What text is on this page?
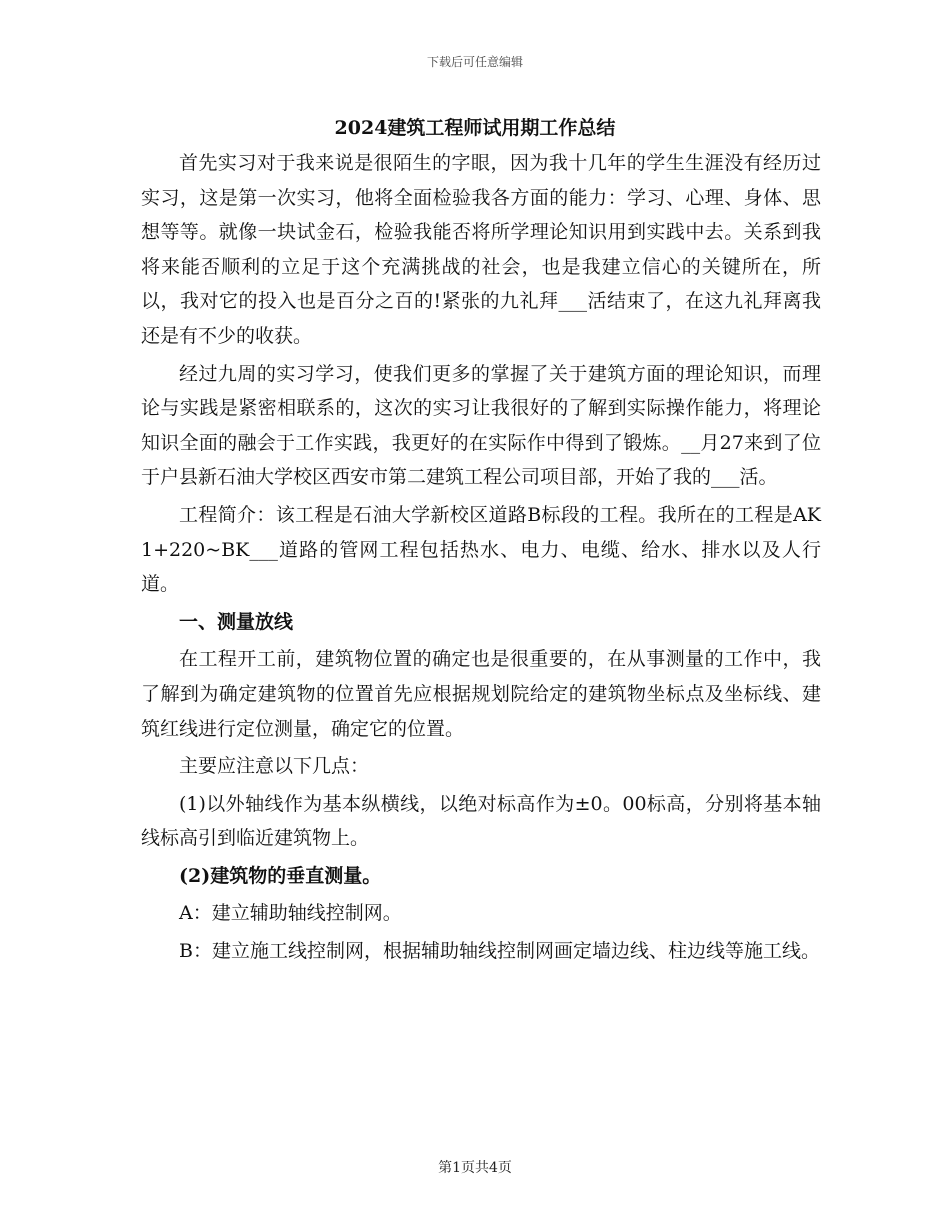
下载后可任意编辑
2024建筑工程师试用期工作总结

首先实习对于我来说是很陌生的字眼，因为我十几年的学生生涯没有经历过实习，这是第一次实习，他将全面检验我各方面的能力：学习、心理、身体、思想等等。就像一块试金石，检验我能否将所学理论知识用到实践中去。关系到我将来能否顺利的立足于这个充满挑战的社会，也是我建立信心的关键所在，所以，我对它的投入也是百分之百的!紧张的九礼拜___活结束了，在这九礼拜离我还是有不少的收获。

经过九周的实习学习，使我们更多的掌握了关于建筑方面的理论知识，而理论与实践是紧密相联系的，这次的实习让我很好的了解到实际操作能力，将理论知识全面的融会于工作实践，我更好的在实际作中得到了锻炼。__月27来到了位于户县新石油大学校区西安市第二建筑工程公司项目部，开始了我的___活。

工程简介：该工程是石油大学新校区道路B标段的工程。我所在的工程是AK1+220~BK___道路的管网工程包括热水、电力、电缆、给水、排水以及人行道。

一、测量放线

在工程开工前，建筑物位置的确定也是很重要的，在从事测量的工作中，我了解到为确定建筑物的位置首先应根据规划院给定的建筑物坐标点及坐标线、建筑红线进行定位测量，确定它的位置。

主要应注意以下几点：

(1)以外轴线作为基本纵横线，以绝对标高作为±0。00标高，分别将基本轴线标高引到临近建筑物上。

(2)建筑物的垂直测量。

A：建立辅助轴线控制网。

B：建立施工线控制网，根据辅助轴线控制网画定墙边线、柱边线等施工线。

第1页共4页
